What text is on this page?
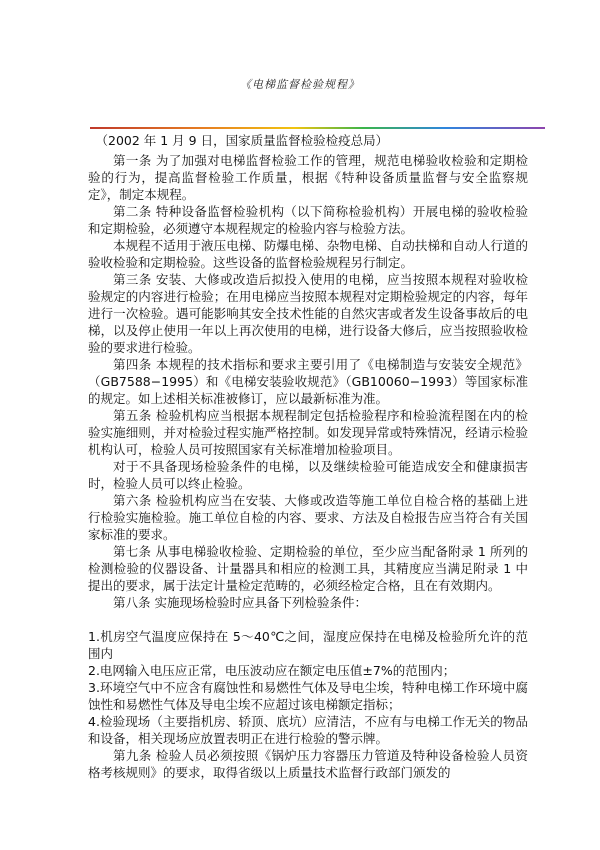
《电梯监督检验规程》

（2002 年 1 月 9 日，国家质量监督检验检疫总局）

第一条 为了加强对电梯监督检验工作的管理，规范电梯验收检验和定期检验的行为，提高监督检验工作质量，根据《特种设备质量监督与安全监察规定》，制定本规程。

第二条 特种设备监督检验机构（以下简称检验机构）开展电梯的验收检验和定期检验，必须遵守本规程规定的检验内容与检验方法。

本规程不适用于液压电梯、防爆电梯、杂物电梯、自动扶梯和自动人行道的验收检验和定期检验。这些设备的监督检验规程另行制定。

第三条 安装、大修或改造后拟投入使用的电梯，应当按照本规程对验收检验规定的内容进行检验；在用电梯应当按照本规程对定期检验规定的内容，每年进行一次检验。遇可能影响其安全技术性能的自然灾害或者发生设备事故后的电梯，以及停止使用一年以上再次使用的电梯，进行设备大修后，应当按照验收检验的要求进行检验。

第四条 本规程的技术指标和要求主要引用了《电梯制造与安装安全规范》（GB7588−1995）和《电梯安装验收规范》（GB10060−1993）等国家标准的规定。如上述相关标准被修订，应以最新标准为准。

第五条 检验机构应当根据本规程制定包括检验程序和检验流程图在内的检验实施细则，并对检验过程实施严格控制。如发现异常或特殊情况，经请示检验机构认可，检验人员可按照国家有关标准增加检验项目。

对于不具备现场检验条件的电梯，以及继续检验可能造成安全和健康损害时，检验人员可以终止检验。

第六条 检验机构应当在安装、大修或改造等施工单位自检合格的基础上进行检验实施检验。施工单位自检的内容、要求、方法及自检报告应当符合有关国家标准的要求。

第七条 从事电梯验收检验、定期检验的单位，至少应当配备附录 1 所列的检测检验的仪器设备、计量器具和相应的检测工具，其精度应当满足附录 1 中提出的要求，属于法定计量检定范畴的，必须经检定合格，且在有效期内。

第八条 实施现场检验时应具备下列检验条件：

1.机房空气温度应保持在 5～40℃之间，湿度应保持在电梯及检验所允许的范围内

2.电网输入电压应正常，电压波动应在额定电压值±7%的范围内；

3.环境空气中不应含有腐蚀性和易燃性气体及导电尘埃，特种电梯工作环境中腐蚀性和易燃性气体及导电尘埃不应超过该电梯额定指标；

4.检验现场（主要指机房、轿顶、底坑）应清洁，不应有与电梯工作无关的物品和设备，相关现场应放置表明正在进行检验的警示牌。

第九条 检验人员必须按照《锅炉压力容器压力管道及特种设备检验人员资格考核规则》的要求，取得省级以上质量技术监督行政部门颁发的
